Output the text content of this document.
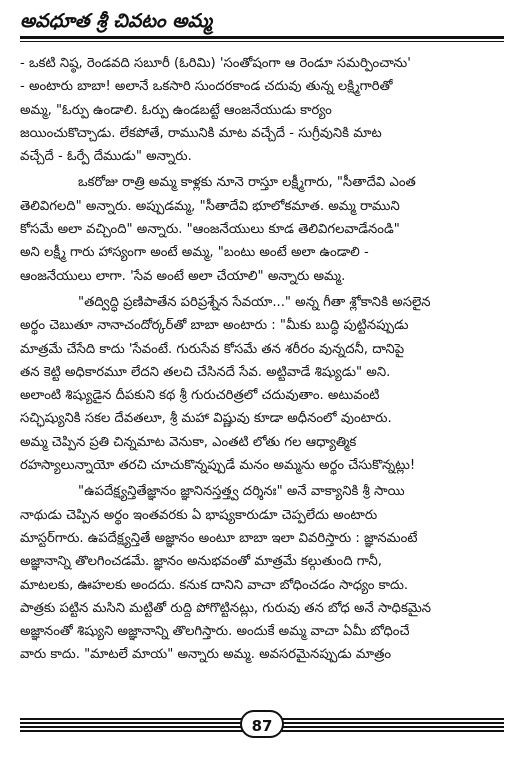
అవధూత శ్రీ చివటం అమ్మ
- ఒకటి నిష్ఠ, రెండవది సబూరీ (ఓరిమి) 'సంతోషంగా ఆ రెండూ సమర్పించాను'
- అంటారు బాబా! అలానే ఒకసారి సుందరకాండ చదువు తున్న లక్ష్మిగారితో
అమ్మ, "ఓర్పు ఉండాలి. ఓర్పు ఉండబట్టే ఆంజనేయుడు కార్యం
జయించుకొచ్చాడు. లేకపోతే, రామునికి మాట వచ్చేదే - సుగ్రీవునికి మాట
వచ్చేదే - ఓర్పే దేముడు" అన్నారు.
ఒకరోజు రాత్రి అమ్మ కాళ్లకు నూనె రాస్తూ లక్ష్మీగారు, "సీతాదేవి ఎంత
తెలివిగలది" అన్నారు. అప్పుడమ్మ, "సీతాదేవి భూలోకమాత. అమ్మ రాముని
కోసమే అలా వచ్చింది" అన్నారు. "ఆంజనేయులు కూడ తెలివిగలవాడేనండి"
అని లక్ష్మీ గారు హాస్యంగా అంటే అమ్మ, "బంటు అంటే అలా ఉండాలి -
ఆంజనేయులు లాగా. 'సేవ అంటే అలా చేయాలి" అన్నారు అమ్మ.
"తద్విద్ధి ప్రణిపాతేన పరిప్రశ్నేన సేవయా..." అన్న గీతా శ్లోకానికి అసలైన
అర్థం చెబుతూ నానాచందోర్కర్‌తో బాబా అంటారు : "మీకు బుద్ధి పుట్టినప్పుడు
మాత్రమే చేసేది కాదు 'సేవంటే. గురుసేవ కోసమే తన శరీరం వున్నదనీ, దానిపై
తన కెట్టి అధికారమూ లేదని తలచి చేసినదే సేవ. అట్టివాడే శిష్యుడు" అని.
అలాంటి శిష్యుడైన దీపకుని కథ శ్రీ గురుచరిత్రలో చదువుతాం. అటువంటి
సచ్ఛిష్యునికి సకల దేవతలూ, శ్రీ మహా విష్ణువు కూడా అధీనంలో వుంటారు.
అమ్మ చెప్పిన ప్రతి చిన్నమాట వెనుకా, ఎంతటి లోతు గల ఆధ్యాత్మిక
రహస్యాలున్నాయో తరచి చూచుకొన్నప్పుడే మనం అమ్మను అర్థం చేసుకొన్నట్లు!
"ఉపదేక్ష్యన్తితేజ్ఞానం జ్ఞానినస్తత్త్వ దర్శినః" అనే వాక్యానికి శ్రీ సాయి
నాథుడు చెప్పిన అర్థం ఇంతవరకు ఏ భాష్యకారుడూ చెప్పలేదు అంటారు
మాస్టర్‌గారు. ఉపదేక్ష్యన్తితే అజ్ఞానం అంటూ బాబా ఇలా వివరిస్తారు : జ్ఞానమంటే
అజ్ఞానాన్ని తొలగించడమే. జ్ఞానం అనుభవంతో మాత్రమే కల్గుతుంది గానీ,
మాటలకు, ఊహలకు అందదు. కనుక దానిని వాచా బోధించడం సాధ్యం కాదు.
పాత్రకు పట్టిన మసిని మట్టితో రుద్ది పోగొట్టినట్లు, గురువు తన బోధ అనే సాధికమైన
అజ్ఞానంతో శిష్యుని అజ్ఞానాన్ని తొలగిస్తారు. అందుకే అమ్మ వాచా ఏమీ బోధించే
వారు కాదు. "మాటలే మాయ" అన్నారు అమ్మ. అవసరమైనప్పుడు మాత్రం
87
